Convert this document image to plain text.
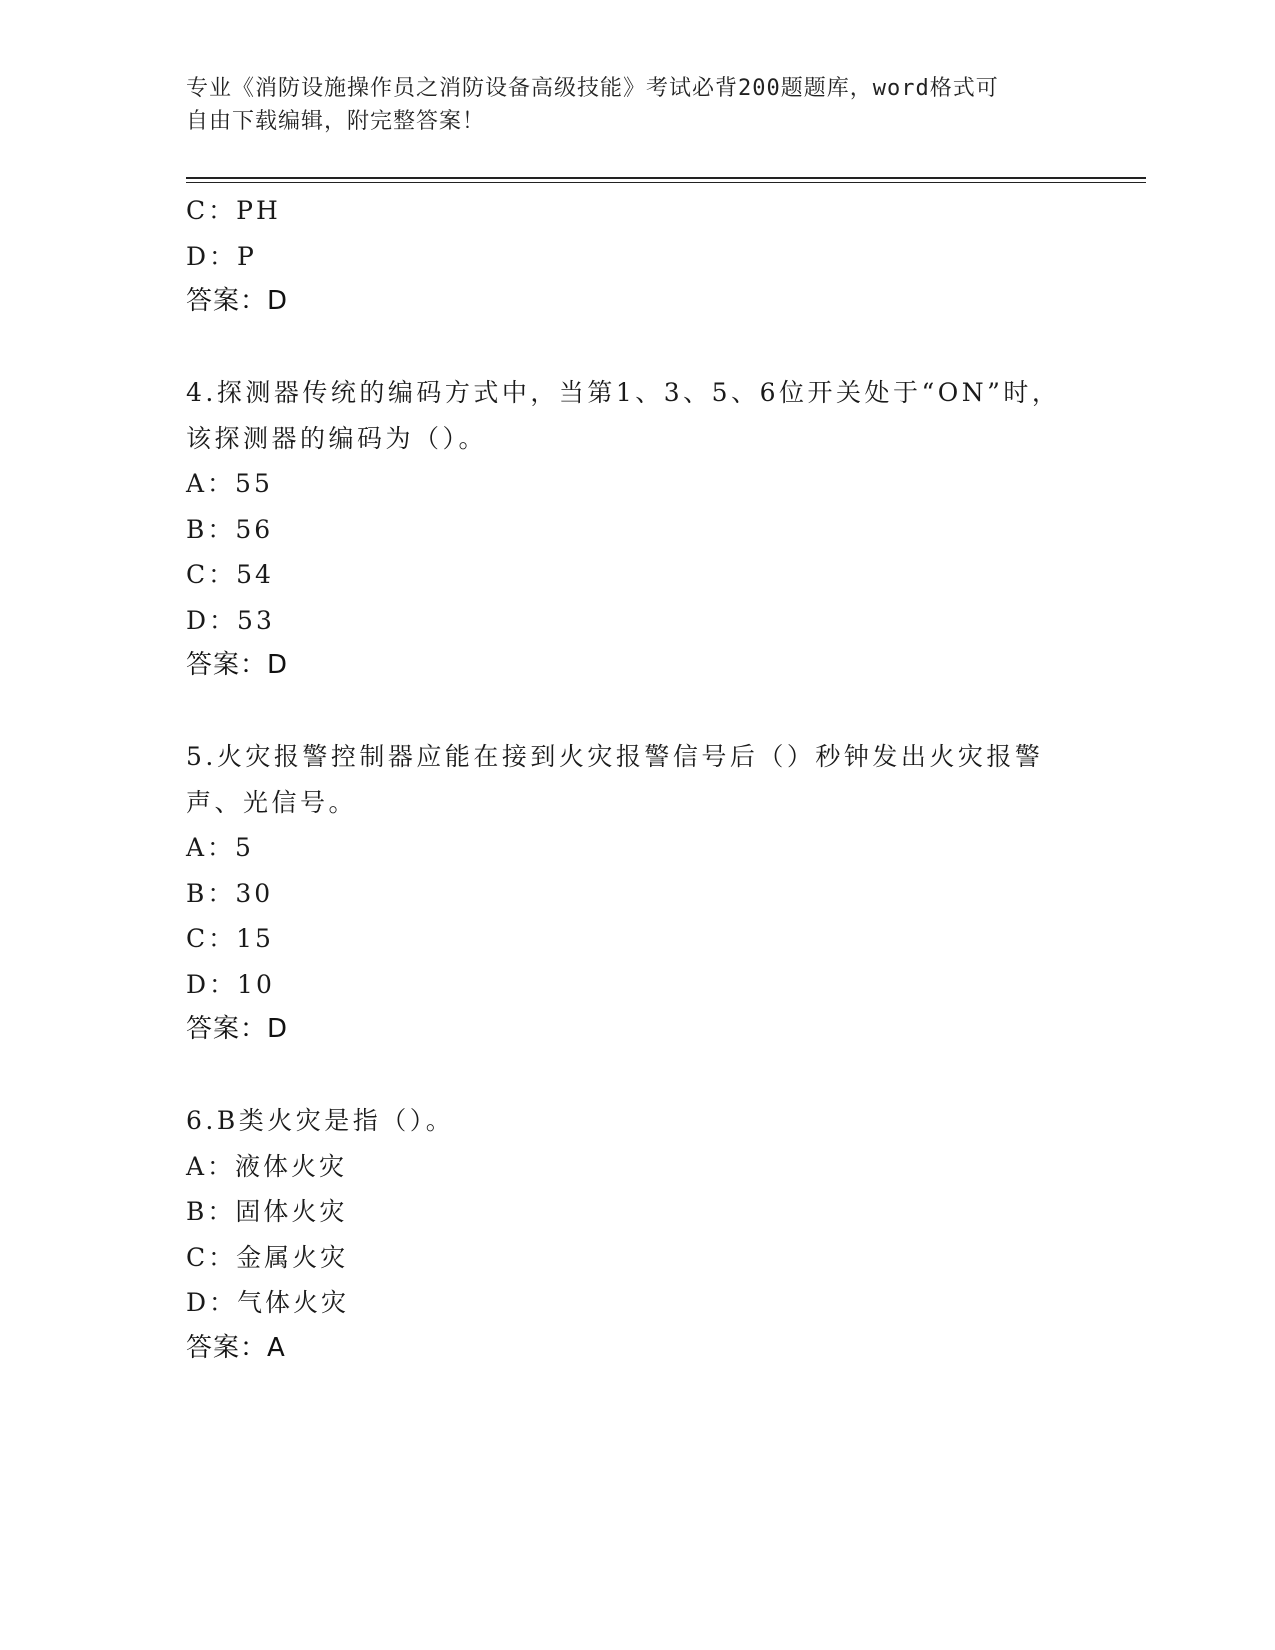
专业《消防设施操作员之消防设备高级技能》考试必背200题题库，word格式可
自由下载编辑，附完整答案！
C：PH
D：P
答案：D
4.探测器传统的编码方式中，当第1、3、5、6位开关处于“ON”时，
该探测器的编码为（）。
A：55
B：56
C：54
D：53
答案：D
5.火灾报警控制器应能在接到火灾报警信号后（）秒钟发出火灾报警
声、光信号。
A：5
B：30
C：15
D：10
答案：D
6.B类火灾是指（）。
A：液体火灾
B：固体火灾
C：金属火灾
D：气体火灾
答案：A
